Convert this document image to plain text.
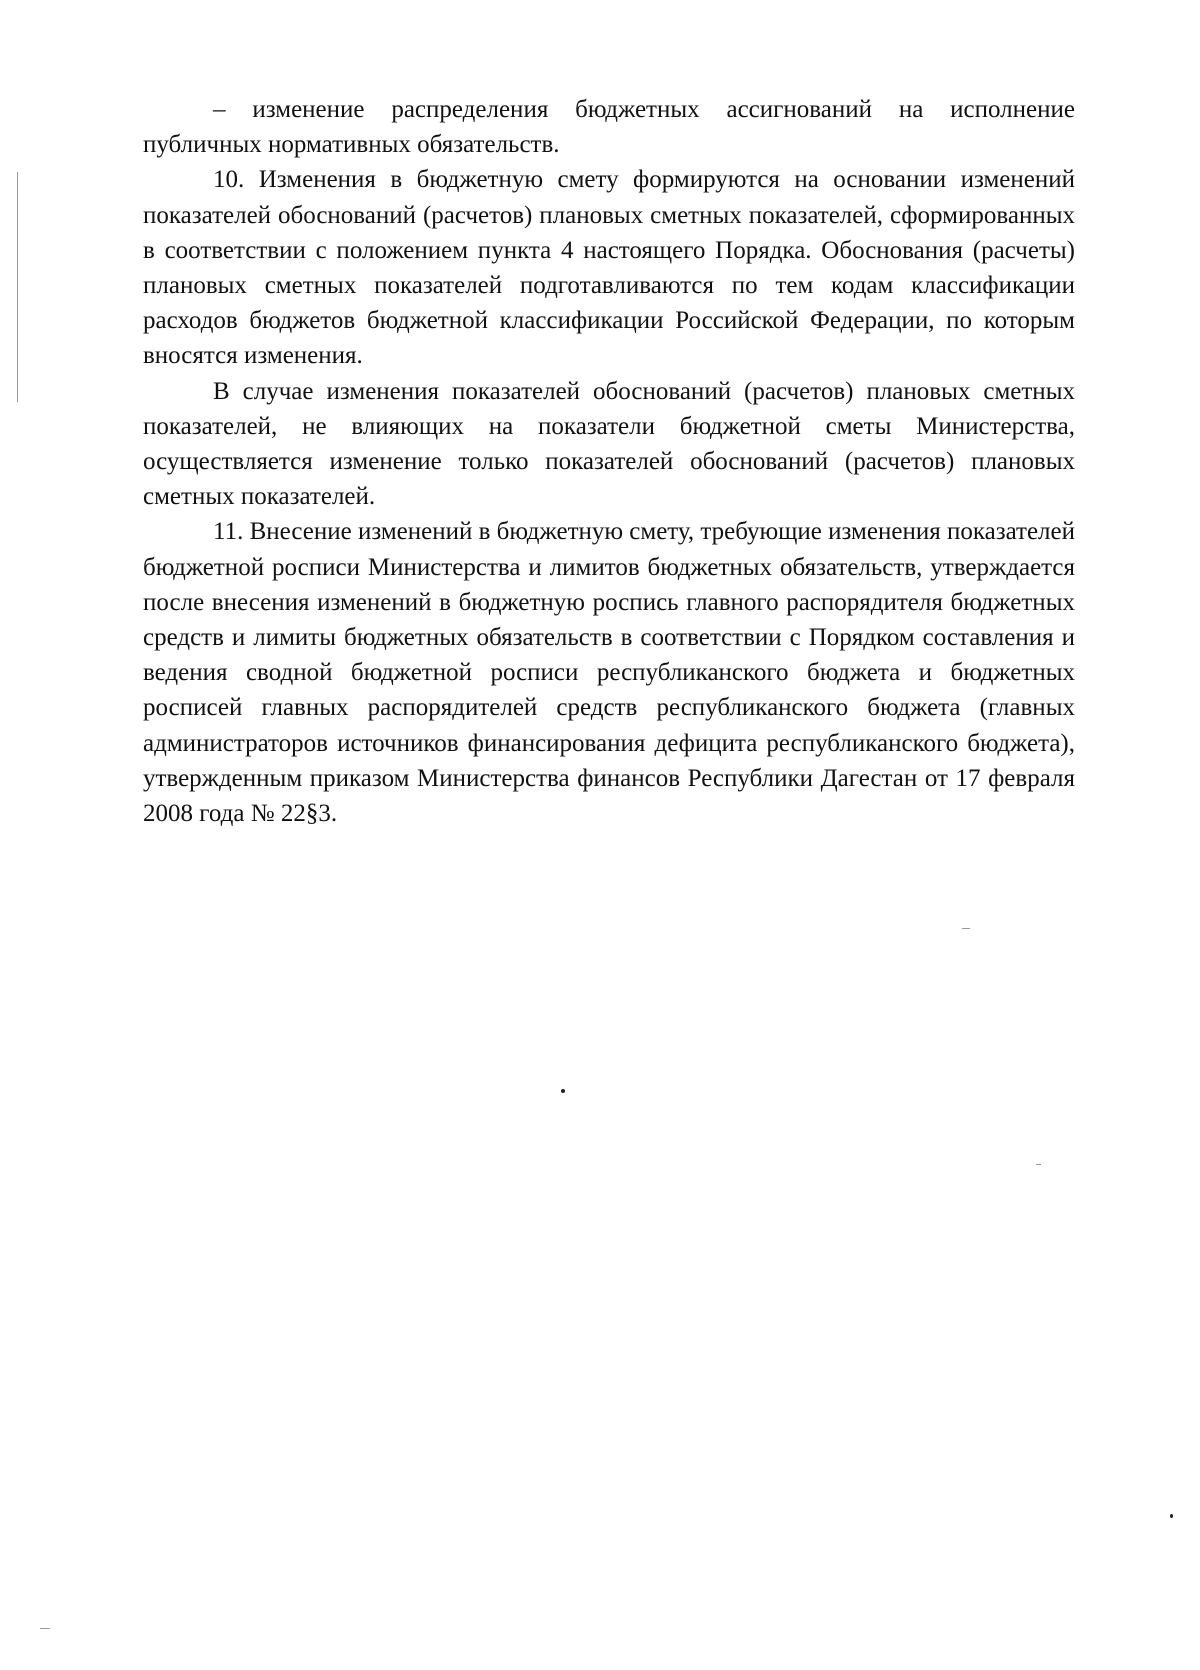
– изменение распределения бюджетных ассигнований на исполнение публичных нормативных обязательств.

10. Изменения в бюджетную смету формируются на основании изменений показателей обоснований (расчетов) плановых сметных показателей, сформированных в соответствии с положением пункта 4 настоящего Порядка. Обоснования (расчеты) плановых сметных показателей подготавливаются по тем кодам классификации расходов бюджетов бюджетной классификации Российской Федерации, по которым вносятся изменения.

В случае изменения показателей обоснований (расчетов) плановых сметных показателей, не влияющих на показатели бюджетной сметы Министерства, осуществляется изменение только показателей обоснований (расчетов) плановых сметных показателей.

11. Внесение изменений в бюджетную смету, требующие изменения показателей бюджетной росписи Министерства и лимитов бюджетных обязательств, утверждается после внесения изменений в бюджетную роспись главного распорядителя бюджетных средств и лимиты бюджетных обязательств в соответствии с Порядком составления и ведения сводной бюджетной росписи республиканского бюджета и бюджетных росписей главных распорядителей средств республиканского бюджета (главных администраторов источников финансирования дефицита республиканского бюджета), утвержденным приказом Министерства финансов Республики Дагестан от 17 февраля 2008 года № 22§3.
